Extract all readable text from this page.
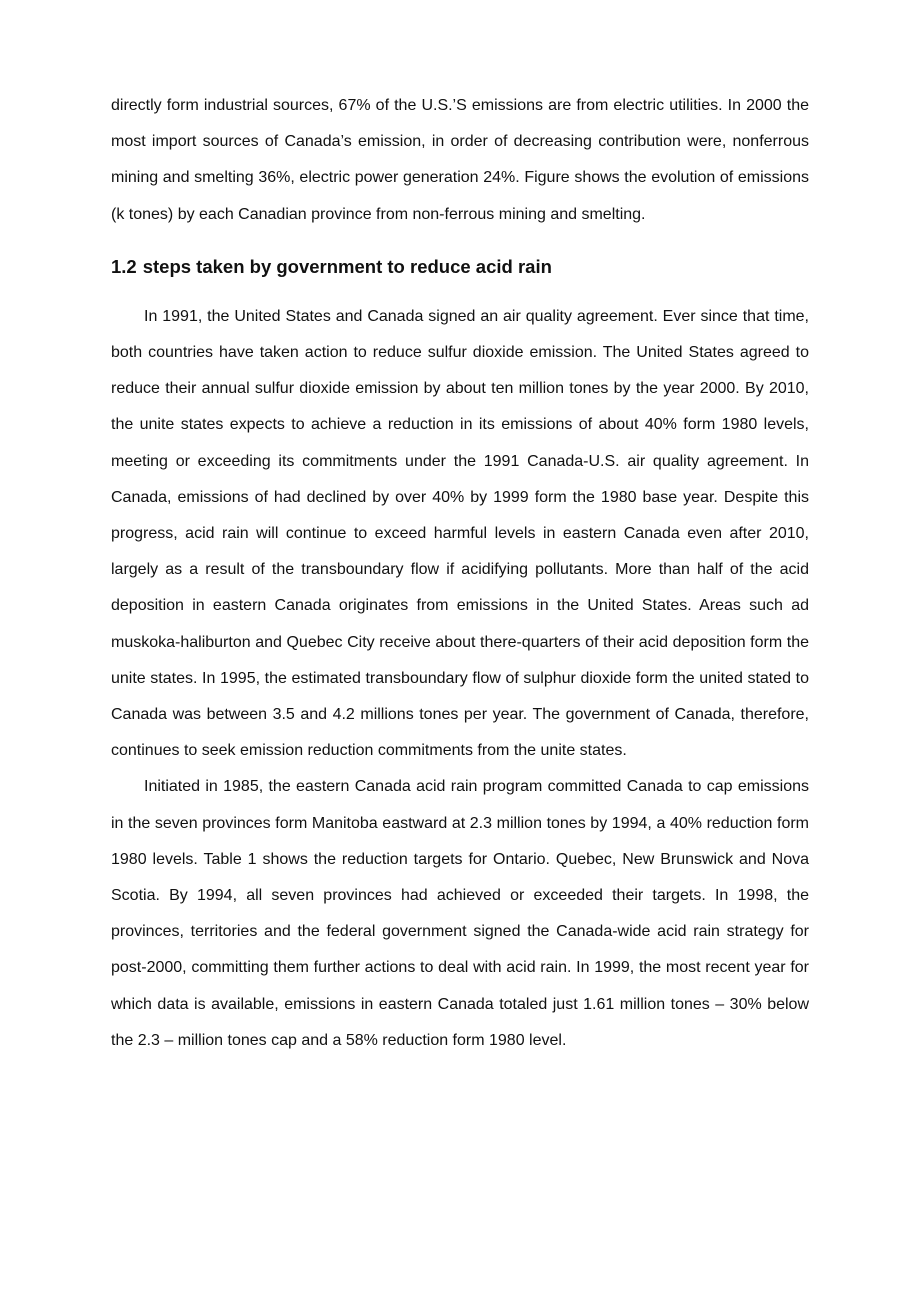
directly form industrial sources, 67% of the U.S.’S emissions are from electric utilities. In 2000 the most import sources of Canada’s emission, in order of decreasing contribution were, nonferrous mining and smelting 36%, electric power generation 24%. Figure shows the evolution of emissions (k tones) by each Canadian province from non-ferrous mining and smelting.

1.2 steps taken by government to reduce acid rain

In 1991, the United States and Canada signed an air quality agreement. Ever since that time, both countries have taken action to reduce sulfur dioxide emission. The United States agreed to reduce their annual sulfur dioxide emission by about ten million tones by the year 2000. By 2010, the unite states expects to achieve a reduction in its emissions of about 40% form 1980 levels, meeting or exceeding its commitments under the 1991 Canada-U.S. air quality agreement. In Canada, emissions of had declined by over 40% by 1999 form the 1980 base year. Despite this progress, acid rain will continue to exceed harmful levels in eastern Canada even after 2010, largely as a result of the transboundary flow if acidifying pollutants. More than half of the acid deposition in eastern Canada originates from emissions in the United States. Areas such ad muskoka-haliburton and Quebec City receive about there-quarters of their acid deposition form the unite states. In 1995, the estimated transboundary flow of sulphur dioxide form the united stated to Canada was between 3.5 and 4.2 millions tones per year. The government of Canada, therefore, continues to seek emission reduction commitments from the unite states.

Initiated in 1985, the eastern Canada acid rain program committed Canada to cap emissions in the seven provinces form Manitoba eastward at 2.3 million tones by 1994, a 40% reduction form 1980 levels. Table 1 shows the reduction targets for Ontario. Quebec, New Brunswick and Nova Scotia. By 1994, all seven provinces had achieved or exceeded their targets. In 1998, the provinces, territories and the federal government signed the Canada-wide acid rain strategy for post-2000, committing them further actions to deal with acid rain. In 1999, the most recent year for which data is available, emissions in eastern Canada totaled just 1.61 million tones – 30% below the 2.3 – million tones cap and a 58% reduction form 1980 level.
